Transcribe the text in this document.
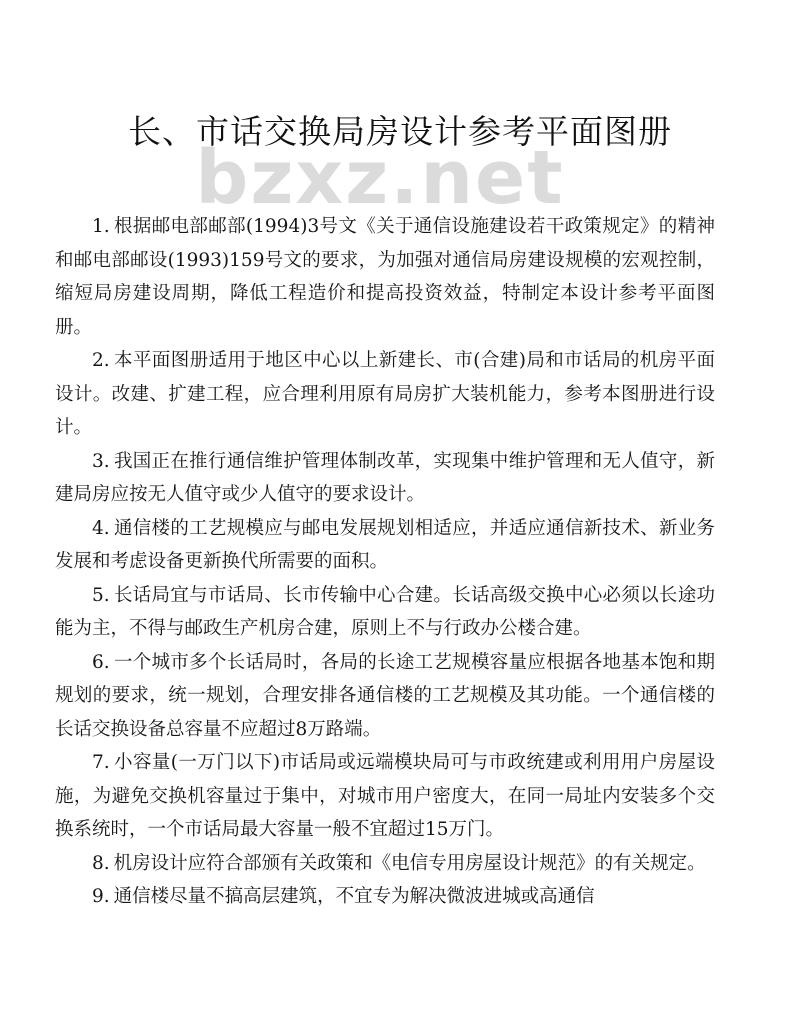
bzxz.net
长、市话交换局房设计参考平面图册

1. 根据邮电部邮部(1994)3号文《关于通信设施建设若干政策规定》的精神和邮电部邮设(1993)159号文的要求，为加强对通信局房建设规模的宏观控制，缩短局房建设周期，降低工程造价和提高投资效益，特制定本设计参考平面图册。

2. 本平面图册适用于地区中心以上新建长、市(合建)局和市话局的机房平面设计。改建、扩建工程，应合理利用原有局房扩大装机能力，参考本图册进行设计。

3. 我国正在推行通信维护管理体制改革，实现集中维护管理和无人值守，新建局房应按无人值守或少人值守的要求设计。

4. 通信楼的工艺规模应与邮电发展规划相适应，并适应通信新技术、新业务发展和考虑设备更新换代所需要的面积。

5. 长话局宜与市话局、长市传输中心合建。长话高级交换中心必须以长途功能为主，不得与邮政生产机房合建，原则上不与行政办公楼合建。

6. 一个城市多个长话局时，各局的长途工艺规模容量应根据各地基本饱和期规划的要求，统一规划，合理安排各通信楼的工艺规模及其功能。一个通信楼的长话交换设备总容量不应超过8万路端。

7. 小容量(一万门以下)市话局或远端模块局可与市政统建或利用用户房屋设施，为避免交换机容量过于集中，对城市用户密度大，在同一局址内安装多个交换系统时，一个市话局最大容量一般不宜超过15万门。

8. 机房设计应符合部颁有关政策和《电信专用房屋设计规范》的有关规定。

9. 通信楼尽量不搞高层建筑，不宜专为解决微波进城或高通信
